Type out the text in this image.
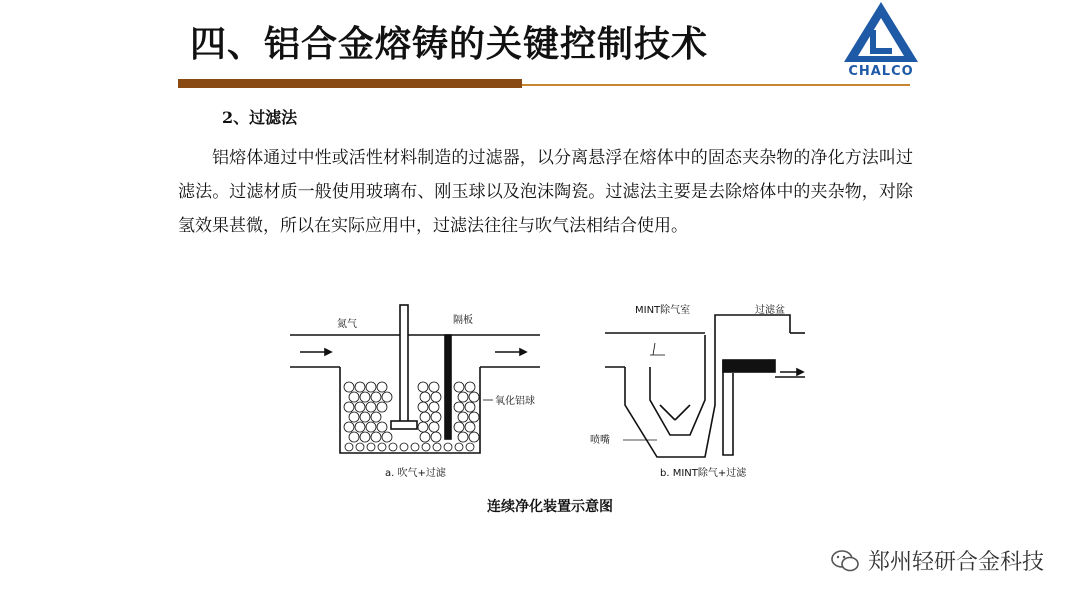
四、铝合金熔铸的关键控制技术
CHALCO
2、过滤法
铝熔体通过中性或活性材料制造的过滤器，以分离悬浮在熔体中的固态夹杂物的净化方法叫过滤法。过滤材质一般使用玻璃布、刚玉球以及泡沫陶瓷。过滤法主要是去除熔体中的夹杂物，对除氢效果甚微，所以在实际应用中，过滤法往往与吹气法相结合使用。
氮气	隔板
氧化铝球
a. 吹气+过滤
MINT除气室	过滤盆
喷嘴
b. MINT除气+过滤
连续净化装置示意图
郑州轻研合金科技
